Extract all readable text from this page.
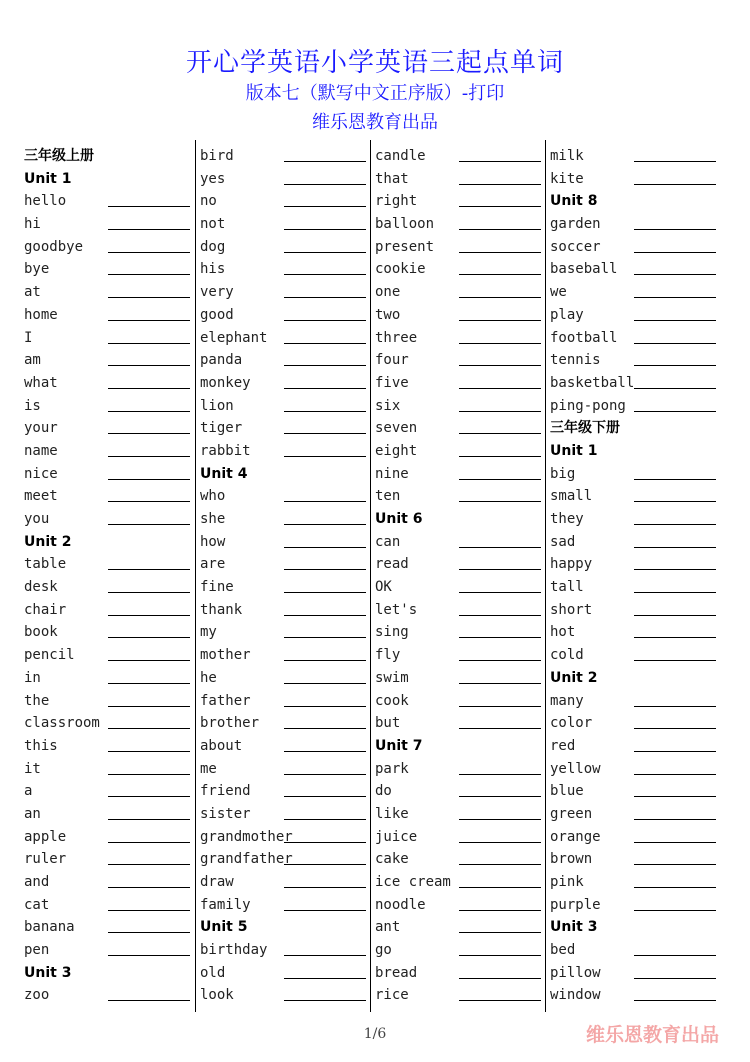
开心学英语小学英语三起点单词
版本七（默写中文正序版）-打印
维乐恩教育出品
三年级上册
Unit 1
hello
hi
goodbye
bye
at
home
I
am
what
is
your
name
nice
meet
you
Unit 2
table
desk
chair
book
pencil
in
the
classroom
this
it
a
an
apple
ruler
and
cat
banana
pen
Unit 3
zoo
bird
yes
no
not
dog
his
very
good
elephant
panda
monkey
lion
tiger
rabbit
Unit 4
who
she
how
are
fine
thank
my
mother
he
father
brother
about
me
friend
sister
grandmother
grandfather
draw
family
Unit 5
birthday
old
look
candle
that
right
balloon
present
cookie
one
two
three
four
five
six
seven
eight
nine
ten
Unit 6
can
read
OK
let's
sing
fly
swim
cook
but
Unit 7
park
do
like
juice
cake
ice cream
noodle
ant
go
bread
rice
milk
kite
Unit 8
garden
soccer
baseball
we
play
football
tennis
basketball
ping-pong
三年级下册
Unit 1
big
small
they
sad
happy
tall
short
hot
cold
Unit 2
many
color
red
yellow
blue
green
orange
brown
pink
purple
Unit 3
bed
pillow
window
1/6	维乐恩教育出品
